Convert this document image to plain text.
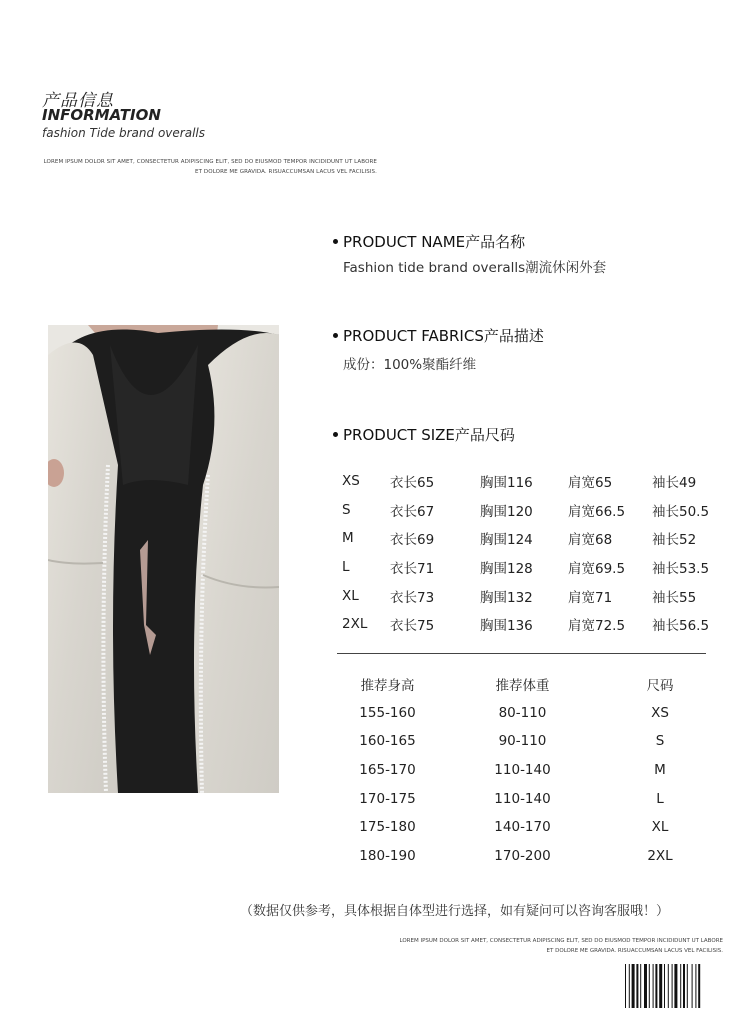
产品信息
INFORMATION
fashion Tide brand overalls
LOREM IPSUM DOLOR SIT AMET, CONSECTETUR ADIPISCING ELIT, SED DO EIUSMOD TEMPOR INCIDIDUNT UT LABORE
ET DOLORE ME GRAVIDA. RISUACCUMSAN LACUS VEL FACILISIS.
PRODUCT NAME产品名称
Fashion tide brand overalls潮流休闲外套
PRODUCT FABRICS产品描述
成份：100%聚酯纤维
PRODUCT SIZE产品尺码
XS	衣长65	胸围116	肩宽65	袖长49
S	衣长67	胸围120	肩宽66.5	袖长50.5
M	衣长69	胸围124	肩宽68	袖长52
L	衣长71	胸围128	肩宽69.5	袖长53.5
XL	衣长73	胸围132	肩宽71	袖长55
2XL	衣长75	胸围136	肩宽72.5	袖长56.5
推荐身高	推荐体重	尺码
155-160	80-110	XS
160-165	90-110	S
165-170	110-140	M
170-175	110-140	L
175-180	140-170	XL
180-190	170-200	2XL
（数据仅供参考，具体根据自体型进行选择，如有疑问可以咨询客服哦！）
LOREM IPSUM DOLOR SIT AMET, CONSECTETUR ADIPISCING ELIT, SED DO EIUSMOD TEMPOR INCIDIDUNT UT LABORE
ET DOLORE ME GRAVIDA. RISUACCUMSAN LACUS VEL FACILISIS.
